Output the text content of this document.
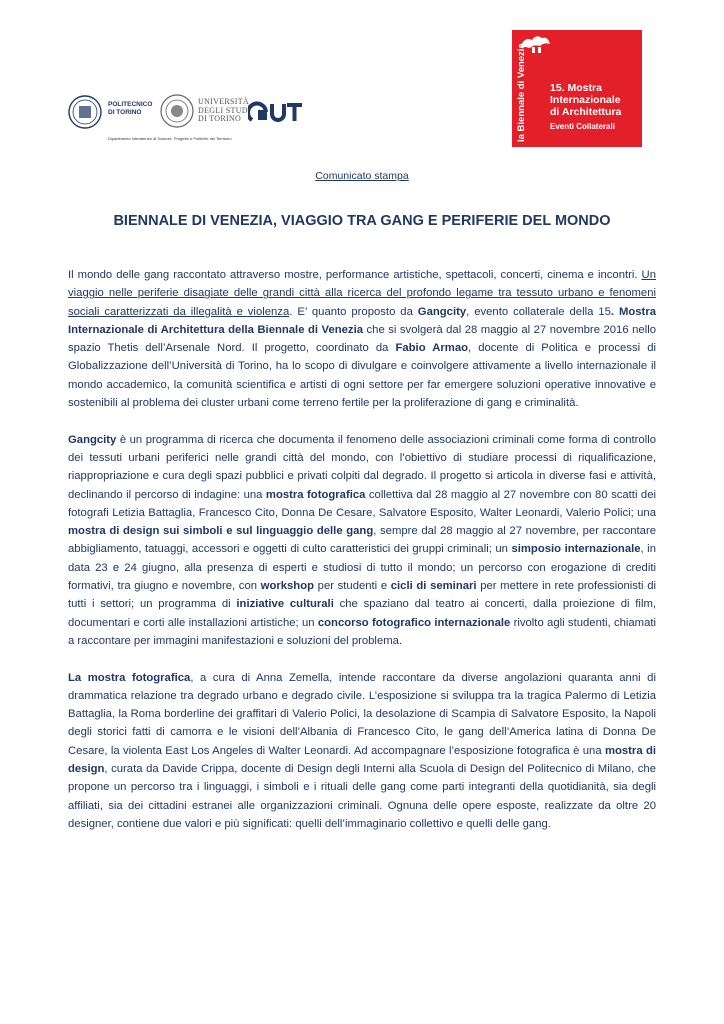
POLITECNICO
DI TORINO
UNIVERSITÀ
DEGLI STUDI
DI TORINO
Dipartimento Interateneo di Scienze, Progetto e Politiche del Territorio	la Biennale di Venezia 15. Mostra
Internazionale
di Architettura
Eventi Collaterali
Comunicato stampa
BIENNALE DI VENEZIA, VIAGGIO TRA GANG E PERIFERIE DEL MONDO

Il mondo delle gang raccontato attraverso mostre, performance artistiche, spettacoli, concerti, cinema e incontri. Un viaggio nelle periferie disagiate delle grandi città alla ricerca del profondo legame tra tessuto urbano e fenomeni sociali caratterizzati da illegalità e violenza. E’ quanto proposto da Gangcity, evento collaterale della 15. Mostra Internazionale di Architettura della Biennale di Venezia che si svolgerà dal 28 maggio al 27 novembre 2016 nello spazio Thetis dell’Arsenale Nord. Il progetto, coordinato da Fabio Armao, docente di Politica e processi di Globalizzazione dell’Università di Torino, ha lo scopo di divulgare e coinvolgere attivamente a livello internazionale il mondo accademico, la comunità scientifica e artisti di ogni settore per far emergere soluzioni operative innovative e sostenibili al problema dei cluster urbani come terreno fertile per la proliferazione di gang e criminalità.

Gangcity è un programma di ricerca che documenta il fenomeno delle associazioni criminali come forma di controllo dei tessuti urbani periferici nelle grandi città del mondo, con l’obiettivo di studiare processi di riqualificazione, riappropriazione e cura degli spazi pubblici e privati colpiti dal degrado. Il progetto si articola in diverse fasi e attività, declinando il percorso di indagine: una mostra fotografica collettiva dal 28 maggio al 27 novembre con 80 scatti dei fotografi Letizia Battaglia, Francesco Cito, Donna De Cesare, Salvatore Esposito, Walter Leonardi, Valerio Polici; una mostra di design sui simboli e sul linguaggio delle gang, sempre dal 28 maggio al 27 novembre, per raccontare abbigliamento, tatuaggi, accessori e oggetti di culto caratteristici dei gruppi criminali; un simposio internazionale, in data 23 e 24 giugno, alla presenza di esperti e studiosi di tutto il mondo; un percorso con erogazione di crediti formativi, tra giugno e novembre, con workshop per studenti e cicli di seminari per mettere in rete professionisti di tutti i settori; un programma di iniziative culturali che spaziano dal teatro ai concerti, dalla proiezione di film, documentari e corti alle installazioni artistiche; un concorso fotografico internazionale rivolto agli studenti, chiamati a raccontare per immagini manifestazioni e soluzioni del problema.

La mostra fotografica, a cura di Anna Zemella, intende raccontare da diverse angolazioni quaranta anni di drammatica relazione tra degrado urbano e degrado civile. L’esposizione si sviluppa tra la tragica Palermo di Letizia Battaglia, la Roma borderline dei graffitari di Valerio Polici, la desolazione di Scampia di Salvatore Esposito, la Napoli degli storici fatti di camorra e le visioni dell’Albania di Francesco Cito, le gang dell’America latina di Donna De Cesare, la violenta East Los Angeles di Walter Leonardi. Ad accompagnare l’esposizione fotografica è una mostra di design, curata da Davide Crippa, docente di Design degli Interni alla Scuola di Design del Politecnico di Milano, che propone un percorso tra i linguaggi, i simboli e i rituali delle gang come parti integranti della quotidianità, sia degli affiliati, sia dei cittadini estranei alle organizzazioni criminali. Ognuna delle opere esposte, realizzate da oltre 20 designer, contiene due valori e più significati: quelli dell’immaginario collettivo e quelli delle gang.
